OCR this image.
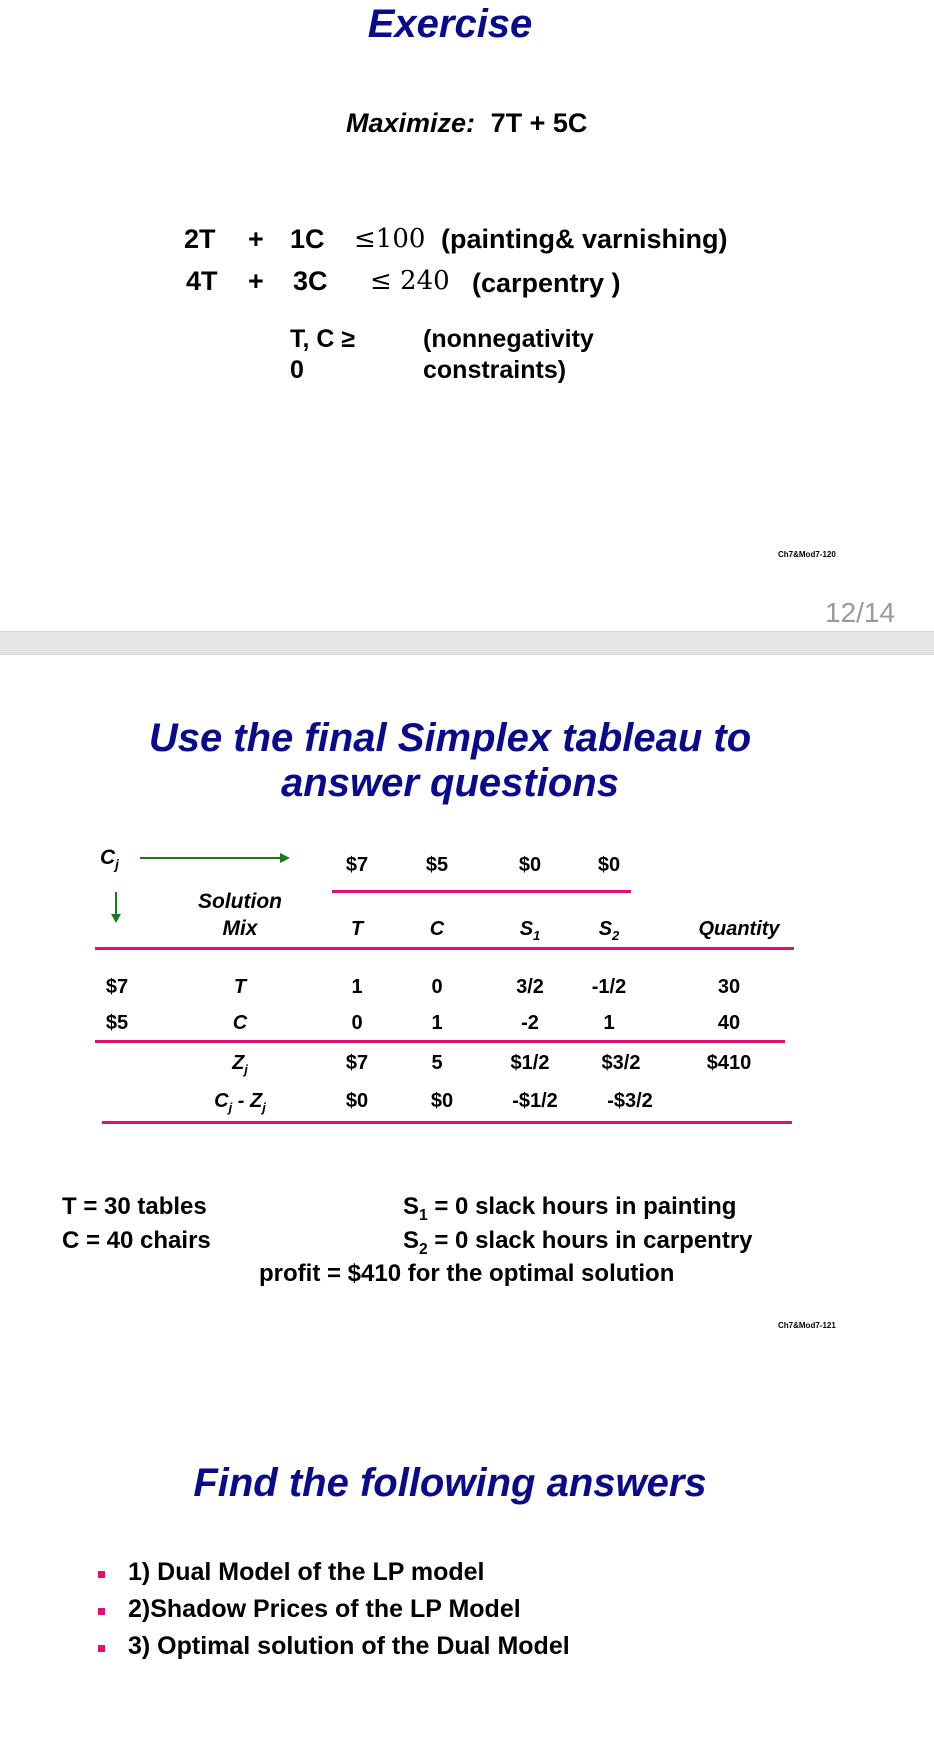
Exercise
Maximize: 7T + 5C
2T + 1C ≤100 (painting& varnishing)
4T + 3C ≤ 240 (carpentry )
T, C ≥
0
(nonnegativity
constraints)
Ch7&Mod7-120
12/14
Use the final Simplex tableau to
answer questions
$C_j$	$7	$5	$0	$0
Solution
Mix	T	C	$S_1$	$S_2$	Quantity
$7	T	1	0	3/2	-1/2	30
$5	C	0	1	-2	1	40
$Z_j$	$7	5	$1/2	$3/2	$410
$C_j - Z_j$	$0	$0	-$1/2	-$3/2
T = 30 tables
C = 40 chairs
$S_1 = 0$ slack hours in painting
$S_2 = 0$ slack hours in carpentry
profit = $410 for the optimal solution
Ch7&Mod7-121
Find the following answers
1) Dual Model of the LP model
2)Shadow Prices of the LP Model
3) Optimal solution of the Dual Model
